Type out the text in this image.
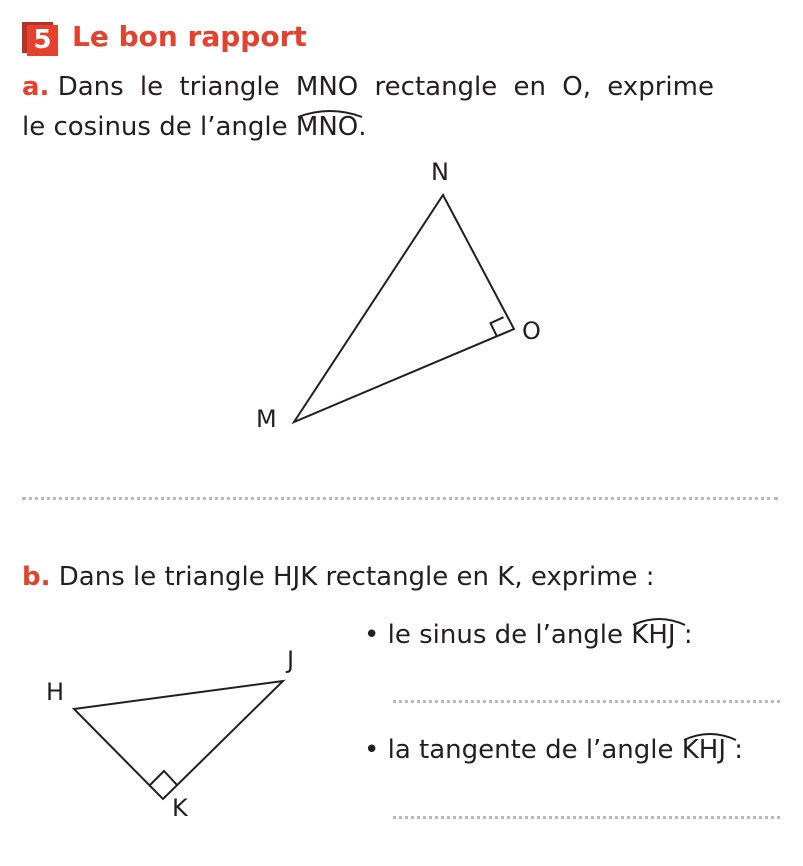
5 Le bon rapport
a. Dans le triangle MNO rectangle en O, exprime
le cosinus de l’angle
MNO.
N
O
M
b. Dans le triangle HJK rectangle en K, exprime :
H
J
K
• le sinus de l’angle
KHJ :
• la tangente de l’angle
KHJ :
